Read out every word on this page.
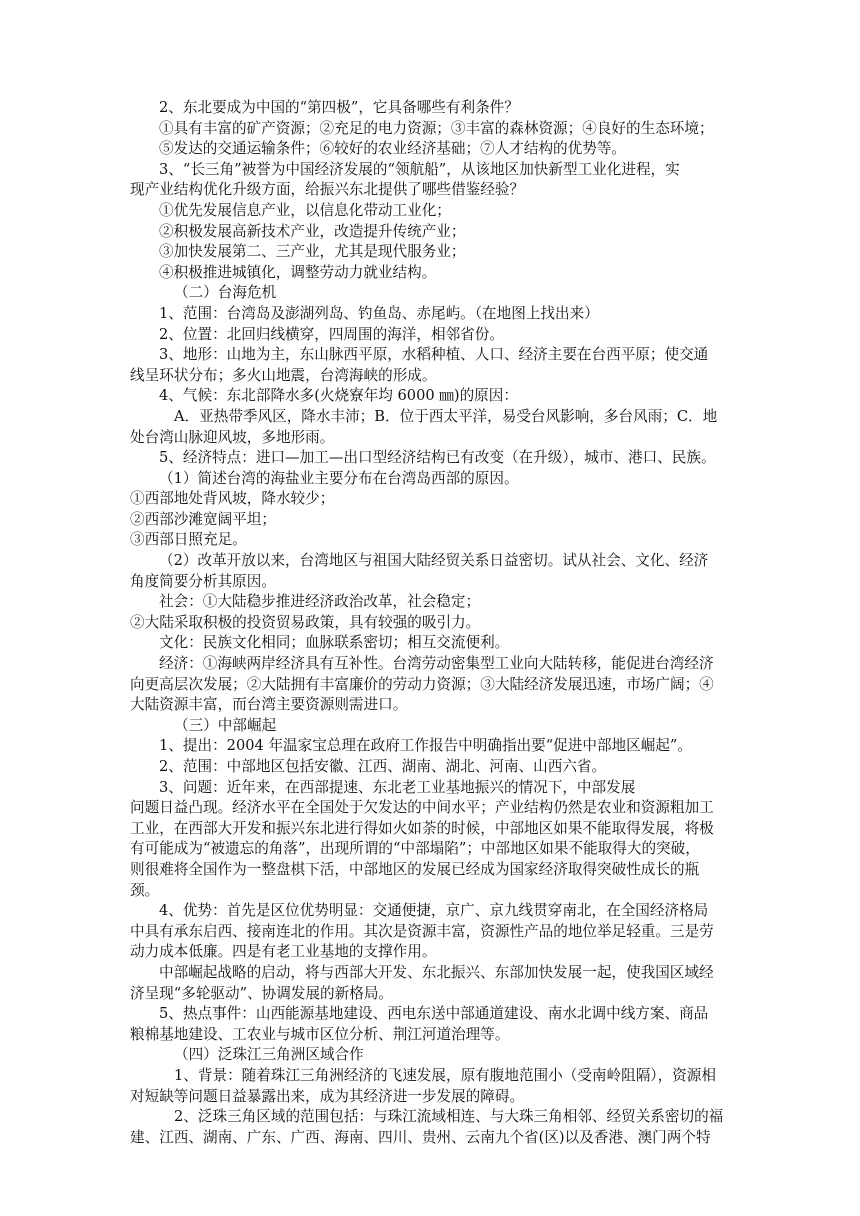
2、东北要成为中国的“第四极”，它具备哪些有利条件？
①具有丰富的矿产资源；②充足的电力资源；③丰富的森林资源；④良好的生态环境；
⑤发达的交通运输条件；⑥较好的农业经济基础；⑦人才结构的优势等。
3、“长三角”被誉为中国经济发展的“领航船”，从该地区加快新型工业化进程，实
现产业结构优化升级方面，给振兴东北提供了哪些借鉴经验？
①优先发展信息产业，以信息化带动工业化；
②积极发展高新技术产业，改造提升传统产业；
③加快发展第二、三产业，尤其是现代服务业；
④积极推进城镇化，调整劳动力就业结构。
（二）台海危机
1、范围：台湾岛及澎湖列岛、钓鱼岛、赤尾屿。（在地图上找出来）
2、位置：北回归线横穿，四周围的海洋，相邻省份。
3、地形：山地为主，东山脉西平原，水稻种植、人口、经济主要在台西平原；使交通
线呈环状分布；多火山地震，台湾海峡的形成。
4、气候：东北部降水多(火烧寮年均 6000 ㎜)的原因：
A．亚热带季风区，降水丰沛；B．位于西太平洋，易受台风影响，多台风雨；C．地
处台湾山脉迎风坡，多地形雨。
5、经济特点：进口—加工—出口型经济结构已有改变（在升级），城市、港口、民族。
（1）简述台湾的海盐业主要分布在台湾岛西部的原因。
①西部地处背风坡，降水较少；
②西部沙滩宽阔平坦；
③西部日照充足。
（2）改革开放以来，台湾地区与祖国大陆经贸关系日益密切。试从社会、文化、经济
角度简要分析其原因。
社会：①大陆稳步推进经济政治改革，社会稳定；
②大陆采取积极的投资贸易政策，具有较强的吸引力。
文化：民族文化相同；血脉联系密切；相互交流便利。
经济：①海峡两岸经济具有互补性。台湾劳动密集型工业向大陆转移，能促进台湾经济
向更高层次发展；②大陆拥有丰富廉价的劳动力资源；③大陆经济发展迅速，市场广阔；④
大陆资源丰富，而台湾主要资源则需进口。
（三）中部崛起
1、提出：2004 年温家宝总理在政府工作报告中明确指出要“促进中部地区崛起”。
2、范围：中部地区包括安徽、江西、湖南、湖北、河南、山西六省。
3、问题：近年来，在西部提速、东北老工业基地振兴的情况下，中部发展
问题日益凸现。经济水平在全国处于欠发达的中间水平；产业结构仍然是农业和资源粗加工
工业，在西部大开发和振兴东北进行得如火如荼的时候，中部地区如果不能取得发展，将极
有可能成为“被遗忘的角落”，出现所谓的“中部塌陷”；中部地区如果不能取得大的突破，
则很难将全国作为一整盘棋下活，中部地区的发展已经成为国家经济取得突破性成长的瓶
颈。
4、优势：首先是区位优势明显：交通便捷，京广、京九线贯穿南北，在全国经济格局
中具有承东启西、接南连北的作用。其次是资源丰富，资源性产品的地位举足轻重。三是劳
动力成本低廉。四是有老工业基地的支撑作用。
中部崛起战略的启动，将与西部大开发、东北振兴、东部加快发展一起，使我国区域经
济呈现“多轮驱动”、协调发展的新格局。
5、热点事件：山西能源基地建设、西电东送中部通道建设、南水北调中线方案、商品
粮棉基地建设、工农业与城市区位分析、荆江河道治理等。
（四）泛珠江三角洲区域合作
1、背景：随着珠江三角洲经济的飞速发展，原有腹地范围小（受南岭阻隔），资源相
对短缺等问题日益暴露出来，成为其经济进一步发展的障碍。
2、泛珠三角区域的范围包括：与珠江流域相连、与大珠三角相邻、经贸关系密切的福
建、江西、湖南、广东、广西、海南、四川、贵州、云南九个省(区)以及香港、澳门两个特
